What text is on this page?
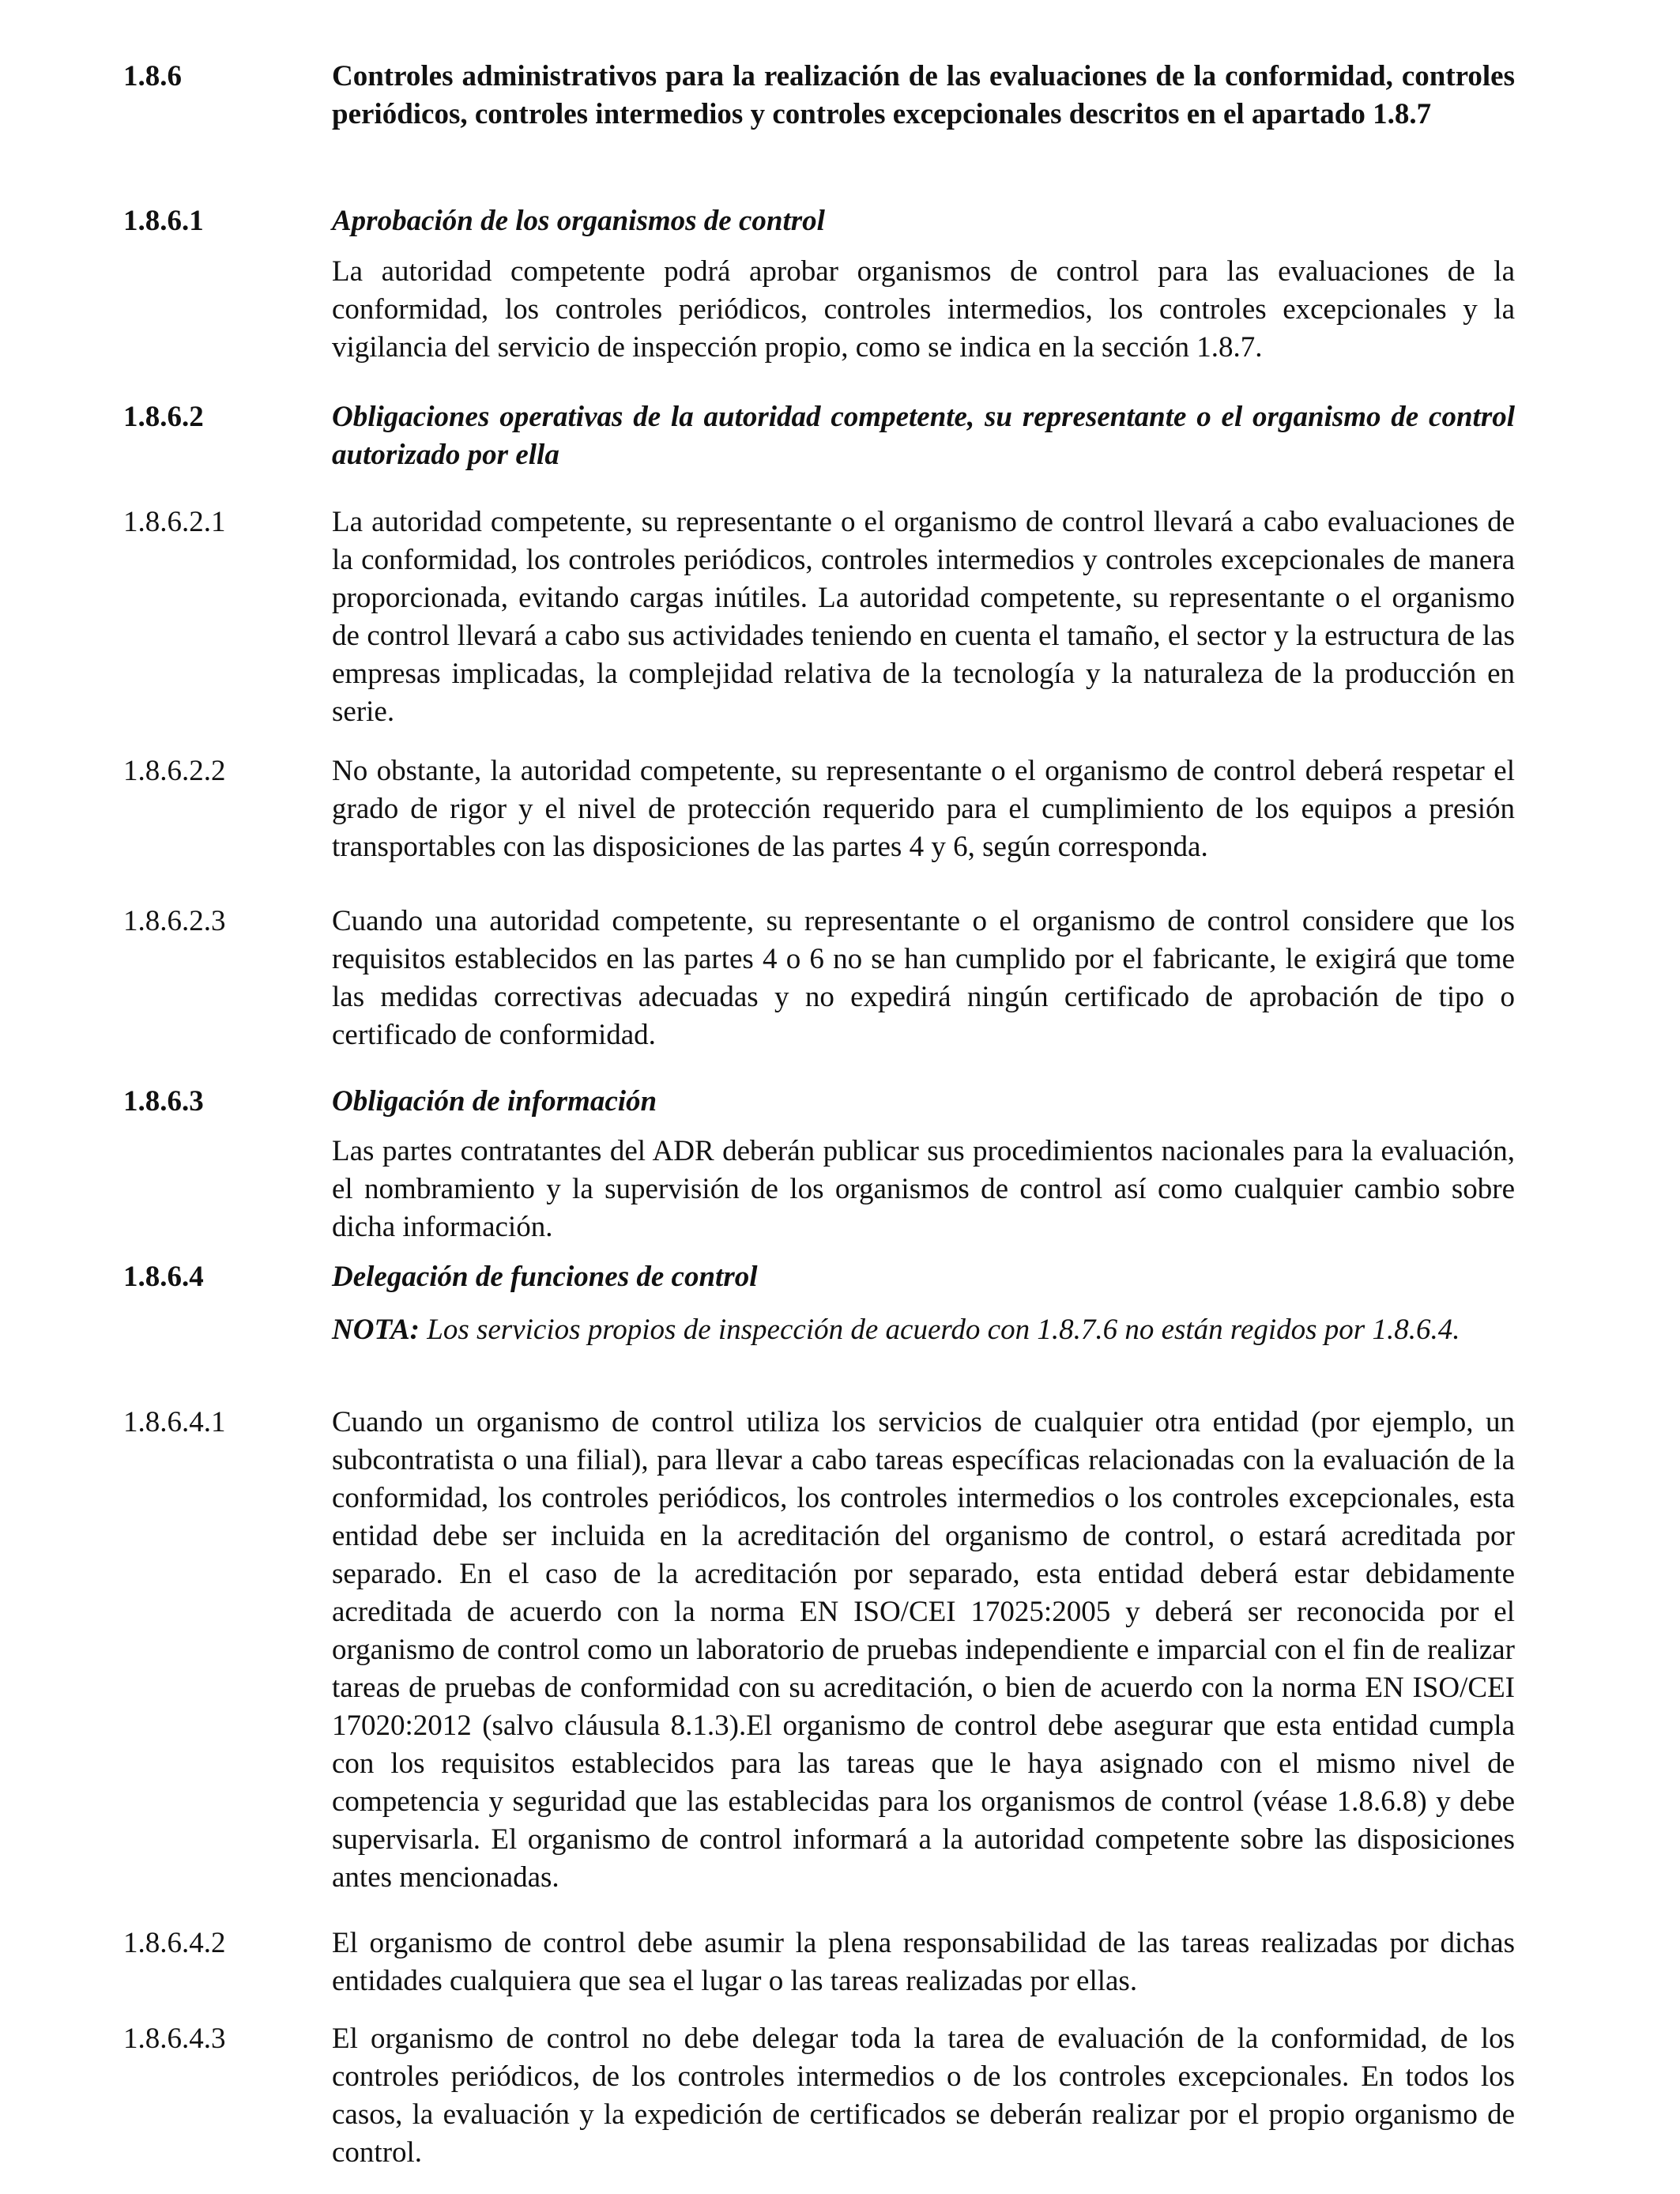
1.8.6	Controles administrativos para la realización de las evaluaciones de la conformidad, controles periódicos, controles intermedios y controles excepcionales descritos en el apartado 1.8.7
1.8.6.1	Aprobación de los organismos de control
La autoridad competente podrá aprobar organismos de control para las evaluaciones de la conformidad, los controles periódicos, controles intermedios, los controles excepcionales y la vigilancia del servicio de inspección propio, como se indica en la sección 1.8.7.
1.8.6.2	Obligaciones operativas de la autoridad competente, su representante o el organismo de control autorizado por ella
1.8.6.2.1	La autoridad competente, su representante o el organismo de control llevará a cabo evaluaciones de la conformidad, los controles periódicos, controles intermedios y controles excepcionales de manera proporcionada, evitando cargas inútiles. La autoridad competente, su representante o el organismo de control llevará a cabo sus actividades teniendo en cuenta el tamaño, el sector y la estructura de las empresas implicadas, la complejidad relativa de la tecnología y la naturaleza de la producción en serie.
1.8.6.2.2	No obstante, la autoridad competente, su representante o el organismo de control deberá respetar el grado de rigor y el nivel de protección requerido para el cumplimiento de los equipos a presión transportables con las disposiciones de las partes 4 y 6, según corresponda.
1.8.6.2.3	Cuando una autoridad competente, su representante o el organismo de control considere que los requisitos establecidos en las partes 4 o 6 no se han cumplido por el fabricante, le exigirá que tome las medidas correctivas adecuadas y no expedirá ningún certificado de aprobación de tipo o certificado de conformidad.
1.8.6.3	Obligación de información
Las partes contratantes del ADR deberán publicar sus procedimientos nacionales para la evaluación, el nombramiento y la supervisión de los organismos de control así como cualquier cambio sobre dicha información.
1.8.6.4	Delegación de funciones de control
NOTA: Los servicios propios de inspección de acuerdo con 1.8.7.6 no están regidos por 1.8.6.4.
1.8.6.4.1	Cuando un organismo de control utiliza los servicios de cualquier otra entidad (por ejemplo, un subcontratista o una filial), para llevar a cabo tareas específicas relacionadas con la evaluación de la conformidad, los controles periódicos, los controles intermedios o los controles excepcionales, esta entidad debe ser incluida en la acreditación del organismo de control, o estará acreditada por separado. En el caso de la acreditación por separado, esta entidad deberá estar debidamente acreditada de acuerdo con la norma EN ISO/CEI 17025:2005 y deberá ser reconocida por el organismo de control como un laboratorio de pruebas independiente e imparcial con el fin de realizar tareas de pruebas de conformidad con su acreditación, o bien de acuerdo con la norma EN ISO/CEI 17020:2012 (salvo cláusula 8.1.3).El organismo de control debe asegurar que esta entidad cumpla con los requisitos establecidos para las tareas que le haya asignado con el mismo nivel de competencia y seguridad que las establecidas para los organismos de control (véase 1.8.6.8) y debe supervisarla. El organismo de control informará a la autoridad competente sobre las disposiciones antes mencionadas.
1.8.6.4.2	El organismo de control debe asumir la plena responsabilidad de las tareas realizadas por dichas entidades cualquiera que sea el lugar o las tareas realizadas por ellas.
1.8.6.4.3	El organismo de control no debe delegar toda la tarea de evaluación de la conformidad, de los controles periódicos, de los controles intermedios o de los controles excepcionales. En todos los casos, la evaluación y la expedición de certificados se deberán realizar por el propio organismo de control.
